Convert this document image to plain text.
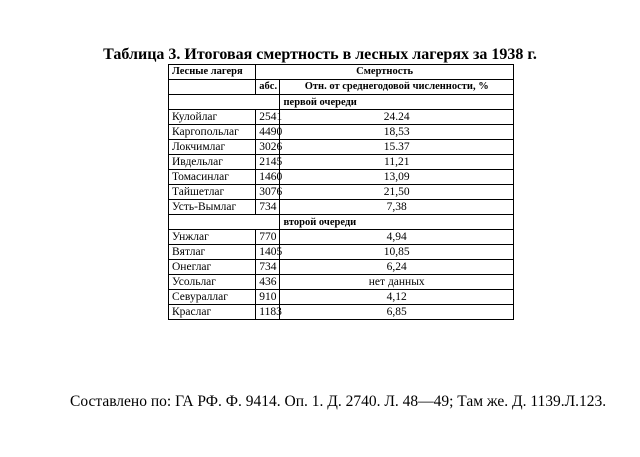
Таблица 3. Итоговая смертность в лесных лагерях за 1938 г.
Лесные лагеря	Смертность	
	абс.	Отн. от среднегодовой численности, %
		первой очереди
Кулойлаг	2541	24.24
Каргопольлаг	4490	18,53
Локчимлаг	3026	15.37
Ивдельлаг	2145	11,21
Томасинлаг	1460	13,09
Тайшетлаг	3076	21,50
Усть-Вымлаг	734	7,38
		второй очереди
Унжлаг	770	4,94
Вятлаг	1405	10,85
Онеглаг	734	6,24
Усольлаг	436	нет данных
Севураллаг	910	4,12
Краслаг	1183	6,85
Составлено по: ГА РФ. Ф. 9414. Оп. 1. Д. 2740. Л. 48—49; Там же. Д. 1139.Л.123.
